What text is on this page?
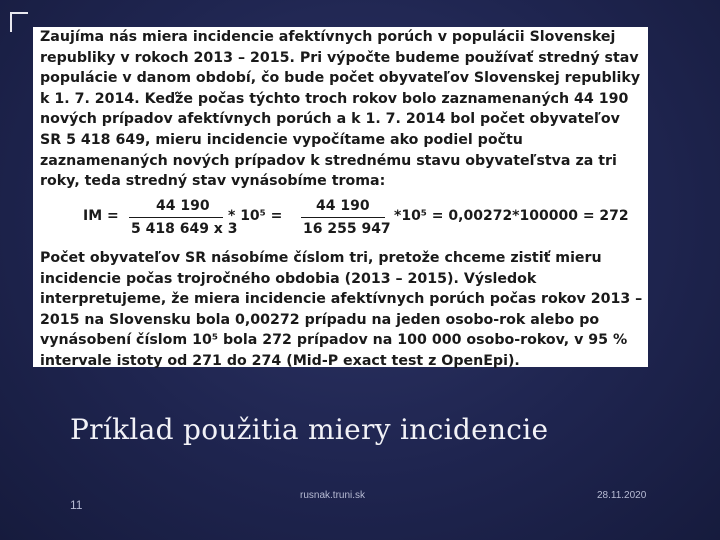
Zaujíma nás miera incidencie afektívnych porúch v populácii Slovenskej republiky v rokoch 2013 – 2015. Pri výpočte budeme používať stredný stav populácie v danom období, čo bude počet obyvateľov Slovenskej republiky k 1. 7. 2014. Keďže počas týchto troch rokov bolo zaznamenaných 44 190 nových prípadov afektívnych porúch a k 1. 7. 2014 bol počet obyvateľov SR 5 418 649, mieru incidencie vypočítame ako podiel počtu zaznamenaných nových prípadov k strednému stavu obyvateľstva za tri roky, teda stredný stav vynásobíme troma:

IM =
44 190
5 418 649 x 3
* 10⁵ =
44 190
16 255 947
*10⁵ = 0,00272*100000 = 272

Počet obyvateľov SR násobíme číslom tri, pretože chceme zistiť mieru incidencie počas trojročného obdobia (2013 – 2015). Výsledok interpretujeme, že miera incidencie afektívnych porúch počas rokov 2013 – 2015 na Slovensku bola 0,00272 prípadu na jeden osobo-rok alebo po vynásobení číslom 10⁵ bola 272 prípadov na 100 000 osobo-rokov, v 95 % intervale istoty od 271 do 274 (Mid-P exact test z OpenEpi).

Príklad použitia miery incidencie
11
rusnak.truni.sk	28.11.2020
